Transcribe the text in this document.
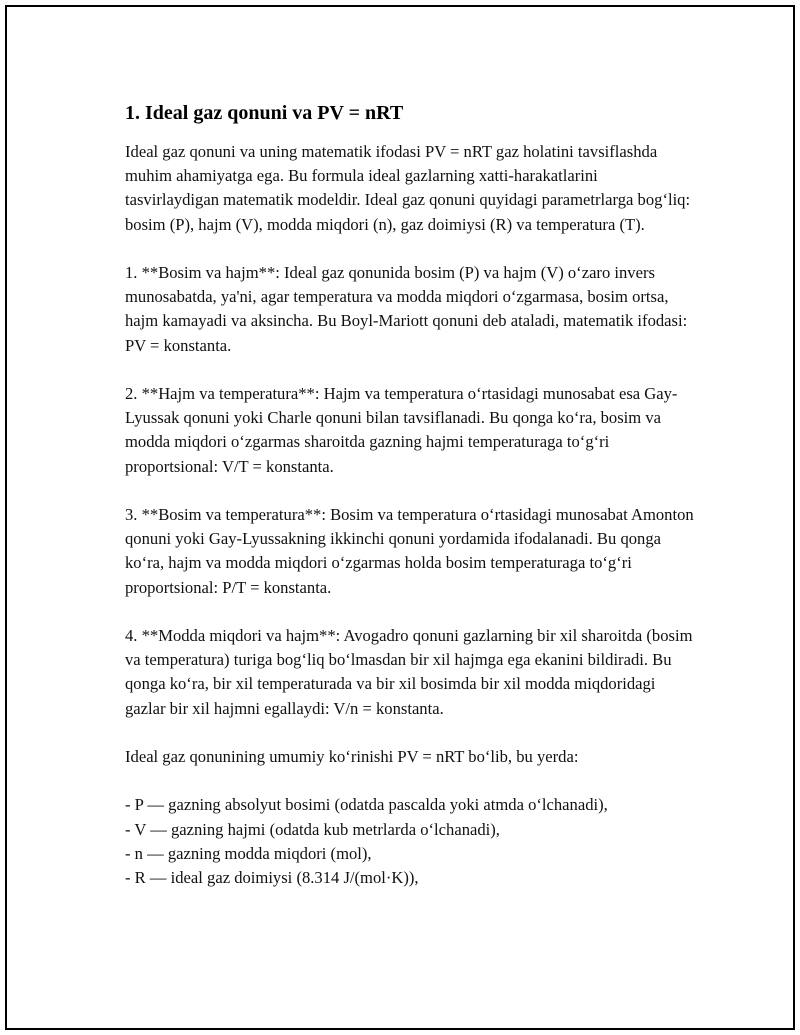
1. Ideal gaz qonuni va PV = nRT

Ideal gaz qonuni va uning matematik ifodasi PV = nRT gaz holatini tavsiflashda muhim ahamiyatga ega. Bu formula ideal gazlarning xatti-harakatlarini tasvirlaydigan matematik modeldir. Ideal gaz qonuni quyidagi parametrlarga bog‘liq: bosim (P), hajm (V), modda miqdori (n), gaz doimiysi (R) va temperatura (T).

1. **Bosim va hajm**: Ideal gaz qonunida bosim (P) va hajm (V) o‘zaro invers munosabatda, ya'ni, agar temperatura va modda miqdori o‘zgarmasa, bosim ortsa, hajm kamayadi va aksincha. Bu Boyl-Mariott qonuni deb ataladi, matematik ifodasi: PV = konstanta.

2. **Hajm va temperatura**: Hajm va temperatura o‘rtasidagi munosabat esa Gay-Lyussak qonuni yoki Charle qonuni bilan tavsiflanadi. Bu qonga ko‘ra, bosim va modda miqdori o‘zgarmas sharoitda gazning hajmi temperaturaga to‘g‘ri proportsional: V/T = konstanta.

3. **Bosim va temperatura**: Bosim va temperatura o‘rtasidagi munosabat Amonton qonuni yoki Gay-Lyussakning ikkinchi qonuni yordamida ifodalanadi. Bu qonga ko‘ra, hajm va modda miqdori o‘zgarmas holda bosim temperaturaga to‘g‘ri proportsional: P/T = konstanta.

4. **Modda miqdori va hajm**: Avogadro qonuni gazlarning bir xil sharoitda (bosim va temperatura) turiga bog‘liq bo‘lmasdan bir xil hajmga ega ekanini bildiradi. Bu qonga ko‘ra, bir xil temperaturada va bir xil bosimda bir xil modda miqdoridagi gazlar bir xil hajmni egallaydi: V/n = konstanta.

Ideal gaz qonunining umumiy ko‘rinishi PV = nRT bo‘lib, bu yerda:

- P — gazning absolyut bosimi (odatda pascalda yoki atmda o‘lchanadi),
- V — gazning hajmi (odatda kub metrlarda o‘lchanadi),
- n — gazning modda miqdori (mol),
- R — ideal gaz doimiysi (8.314 J/(mol·K)),
